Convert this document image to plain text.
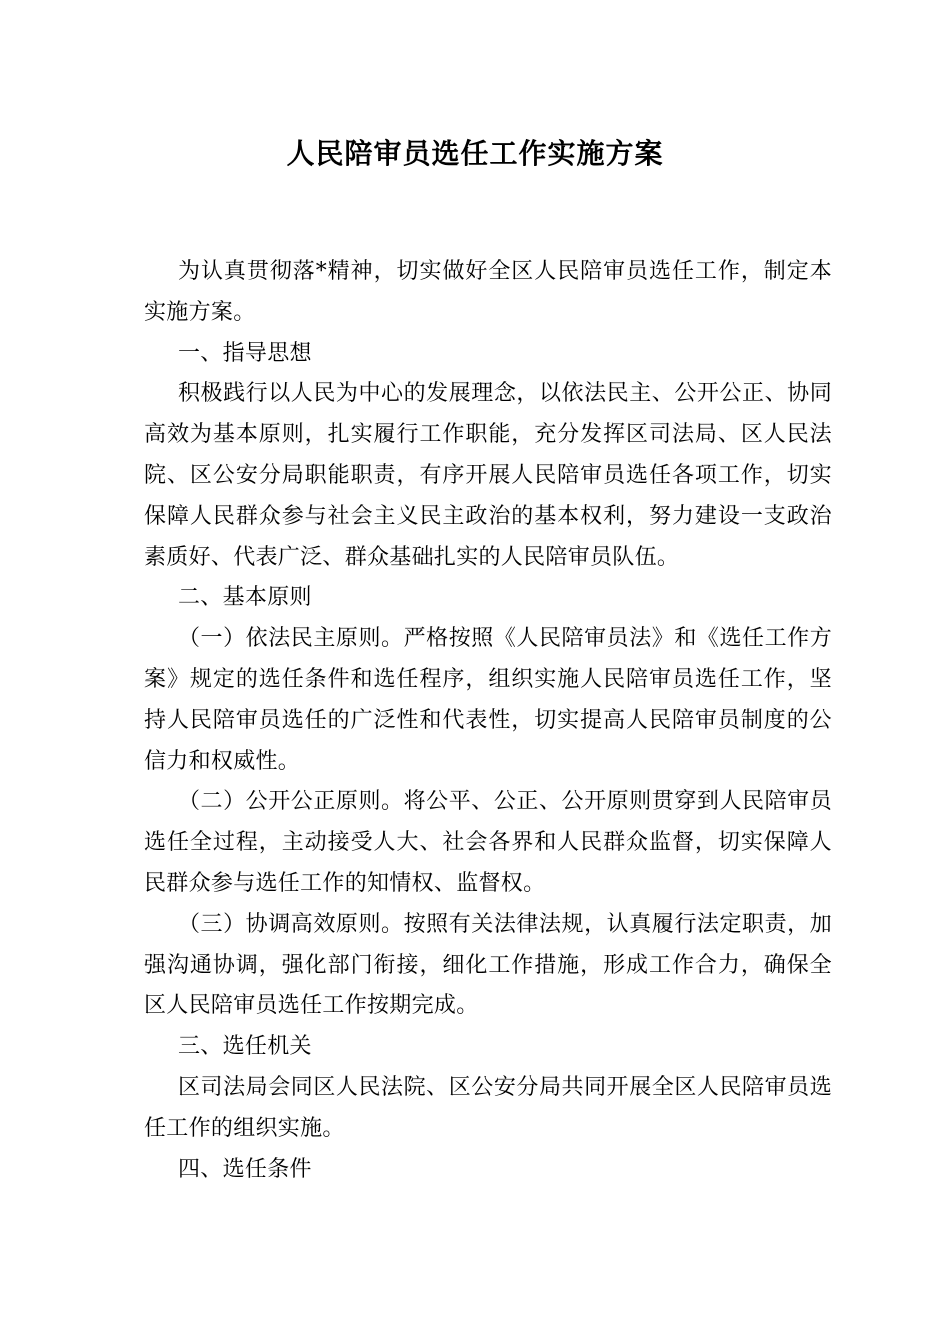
人民陪审员选任工作实施方案

为认真贯彻落*精神，切实做好全区人民陪审员选任工作，制定本实施方案。

一、指导思想

积极践行以人民为中心的发展理念，以依法民主、公开公正、协同高效为基本原则，扎实履行工作职能，充分发挥区司法局、区人民法院、区公安分局职能职责，有序开展人民陪审员选任各项工作，切实保障人民群众参与社会主义民主政治的基本权利，努力建设一支政治素质好、代表广泛、群众基础扎实的人民陪审员队伍。

二、基本原则

（一）依法民主原则。严格按照《人民陪审员法》和《选任工作方案》规定的选任条件和选任程序，组织实施人民陪审员选任工作，坚持人民陪审员选任的广泛性和代表性，切实提高人民陪审员制度的公信力和权威性。

（二）公开公正原则。将公平、公正、公开原则贯穿到人民陪审员选任全过程，主动接受人大、社会各界和人民群众监督，切实保障人民群众参与选任工作的知情权、监督权。

（三）协调高效原则。按照有关法律法规，认真履行法定职责，加强沟通协调，强化部门衔接，细化工作措施，形成工作合力，确保全区人民陪审员选任工作按期完成。

三、选任机关

区司法局会同区人民法院、区公安分局共同开展全区人民陪审员选任工作的组织实施。

四、选任条件
